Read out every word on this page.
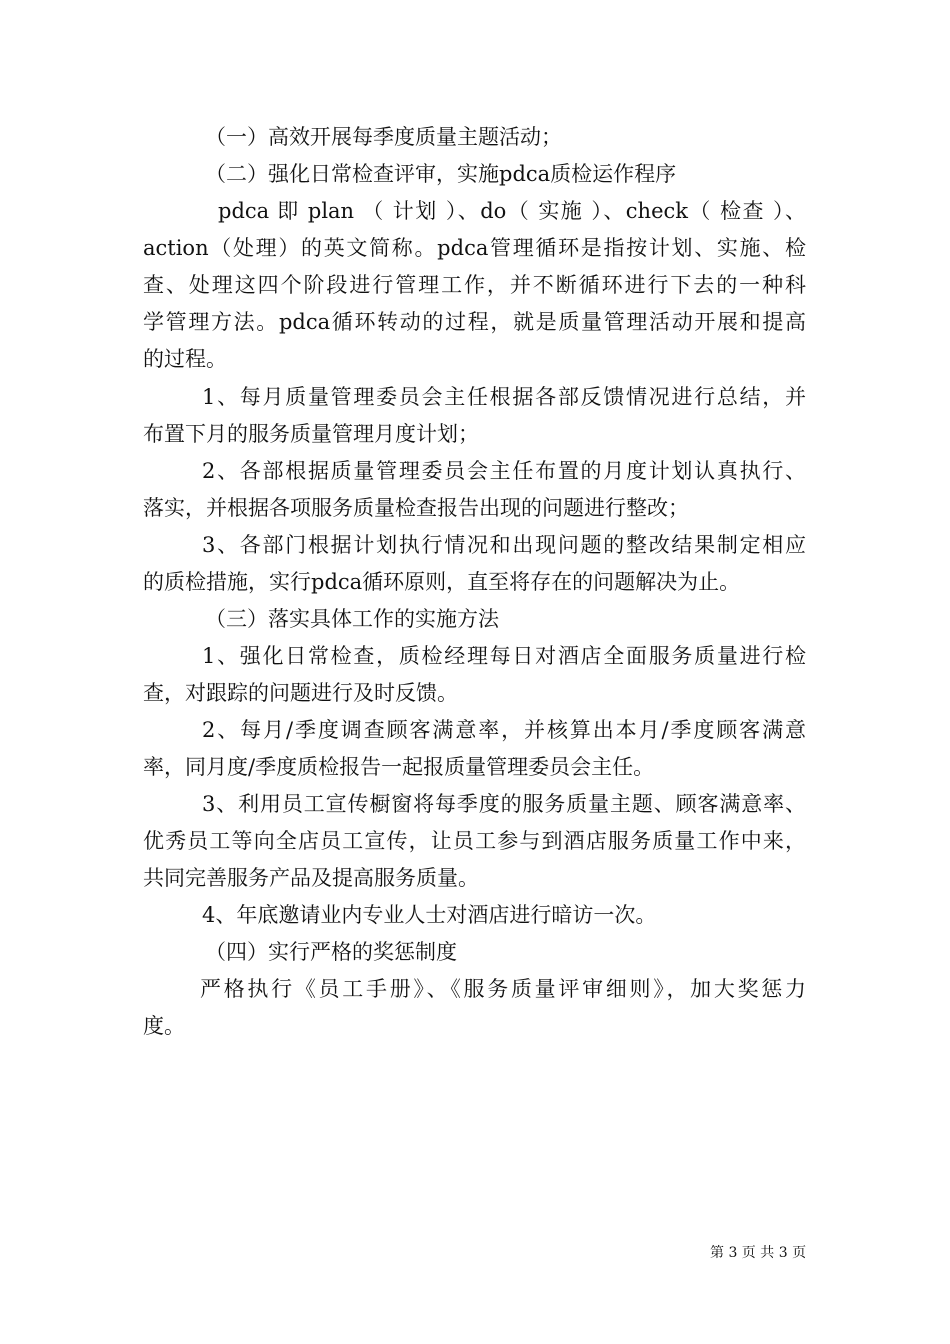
（一）高效开展每季度质量主题活动；
（二）强化日常检查评审，实施pdca质检运作程序
pdca 即 plan （ 计划 ）、do（ 实施 ）、check（ 检查 ）、
action（处理）的英文简称。pdca管理循环是指按计划、实施、检
查、处理这四个阶段进行管理工作，并不断循环进行下去的一种科
学管理方法。pdca循环转动的过程，就是质量管理活动开展和提高
的过程。
1、每月质量管理委员会主任根据各部反馈情况进行总结，并
布置下月的服务质量管理月度计划；
2、各部根据质量管理委员会主任布置的月度计划认真执行、
落实，并根据各项服务质量检查报告出现的问题进行整改；
3、各部门根据计划执行情况和出现问题的整改结果制定相应
的质检措施，实行pdca循环原则，直至将存在的问题解决为止。
（三）落实具体工作的实施方法
1、强化日常检查，质检经理每日对酒店全面服务质量进行检
查，对跟踪的问题进行及时反馈。
2、每月/季度调查顾客满意率，并核算出本月/季度顾客满意
率，同月度/季度质检报告一起报质量管理委员会主任。
3、利用员工宣传橱窗将每季度的服务质量主题、顾客满意率、
优秀员工等向全店员工宣传，让员工参与到酒店服务质量工作中来，
共同完善服务产品及提高服务质量。
4、年底邀请业内专业人士对酒店进行暗访一次。
（四）实行严格的奖惩制度
严格执行《员工手册》、《服务质量评审细则》，加大奖惩力
度。
第 3 页 共 3 页
